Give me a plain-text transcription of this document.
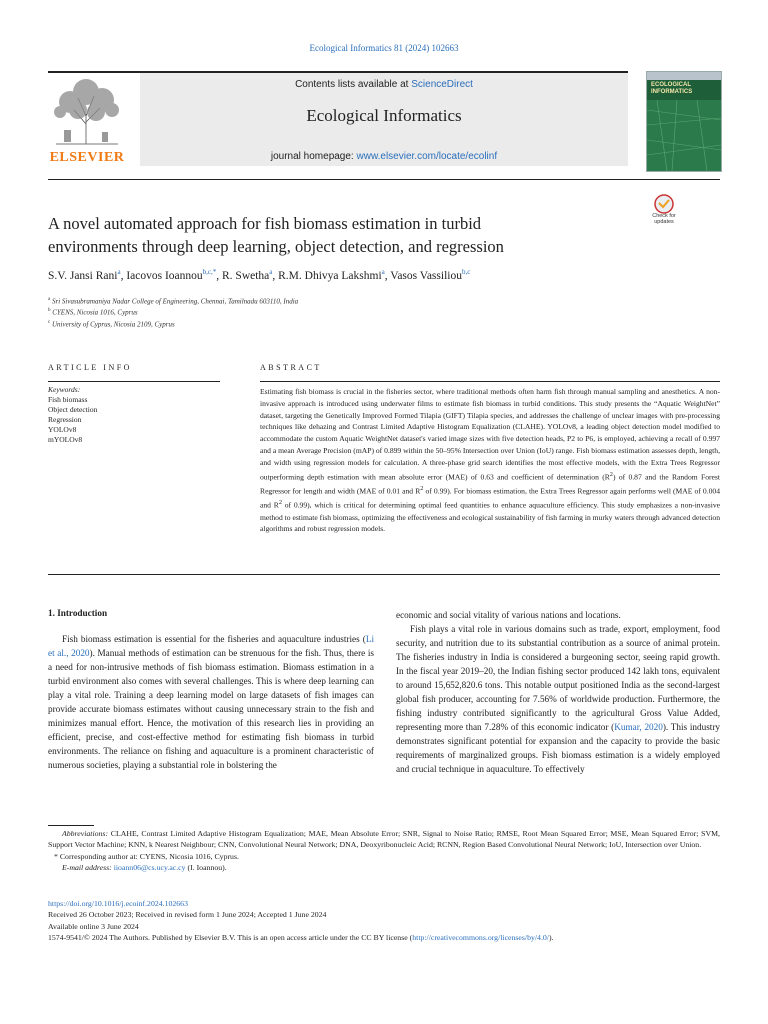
Ecological Informatics 81 (2024) 102663
ELSEVIER
Contents lists available at ScienceDirect
Ecological Informatics
journal homepage: www.elsevier.com/locate/ecolinf
ECOLOGICAL INFORMATICS
Check for updates
A novel automated approach for fish biomass estimation in turbid
environments through deep learning, object detection, and regression
S.V. Jansi Rani$^a$, Iacovos Ioannou$^{b,c,*}$, R. Swetha$^a$, R.M. Dhivya Lakshmi$^a$, Vasos Vassiliou$^{b,c}$
$^a$ Sri Sivasubramaniya Nadar College of Engineering, Chennai, Tamilnadu 603110, India
$^b$ CYENS, Nicosia 1016, Cyprus
$^c$ University of Cyprus, Nicosia 2109, Cyprus
ARTICLE INFO	ABSTRACT
Keywords:
Fish biomass
Object detection
Regression
YOLOv8
mYOLOv8
Estimating fish biomass is crucial in the fisheries sector, where traditional methods often harm fish through manual sampling and anesthetics. A non-invasive approach is introduced using underwater films to estimate fish biomass in turbid conditions. This study presents the “Aquatic WeightNet” dataset, targeting the Genetically Improved Formed Tilapia (GIFT) Tilapia species, and addresses the challenge of unclear images with pre-processing techniques like dehazing and Contrast Limited Adaptive Histogram Equalization (CLAHE). YOLOv8, a leading object detection model modified to accommodate the custom Aquatic WeightNet dataset's varied image sizes with five detection heads, P2 to P6, is employed, achieving a recall of 0.997 and a mean Average Precision (mAP) of 0.899 within the 50–95% Intersection over Union (IoU) range. Fish biomass estimation assesses depth, length, and width using regression models for calculation. A three-phase grid search identifies the most effective models, with the Extra Trees Regressor outperforming depth estimation with mean absolute error (MAE) of 0.63 and coefficient of determination $(R^2)$ of 0.87 and the Random Forest Regressor for length and width (MAE of 0.01 and $R^2$ of 0.99). For biomass estimation, the Extra Trees Regressor again performs well (MAE of 0.004 and $R^2$ of 0.99), which is critical for determining optimal feed quantities to enhance aquaculture efficiency. This study emphasizes a non-invasive method to estimate fish biomass, optimizing the effectiveness and ecological sustainability of fish farming in murky waters through advanced detection algorithms and robust regression models.
1. Introduction

Fish biomass estimation is essential for the fisheries and aquaculture industries (Li et al., 2020). Manual methods of estimation can be strenuous for the fish. Thus, there is a need for non-intrusive methods of fish biomass estimation. Biomass estimation in a turbid environment also comes with several challenges. This is where deep learning can play a vital role. Training a deep learning model on large datasets of fish images can provide accurate biomass estimates without causing unnecessary strain to the fish and minimizes manual effort. Hence, the motivation of this research lies in providing an efficient, precise, and cost-effective method for estimating fish biomass in turbid environments. The reliance on fishing and aquaculture is a prominent characteristic of numerous societies, playing a substantial role in bolstering the

economic and social vitality of various nations and locations.

Fish plays a vital role in various domains such as trade, export, employment, food security, and nutrition due to its substantial contribution as a source of animal protein. The fisheries industry in India is considered a burgeoning sector, seeing rapid growth. In the fiscal year 2019–20, the Indian fishing sector produced 142 lakh tons, equivalent to around 15,652,820.6 tons. This notable output positioned India as the second-largest global fish producer, accounting for 7.56% of worldwide production. Furthermore, the fishing industry contributed significantly to the agricultural Gross Value Added, representing more than 7.28% of this economic indicator (Kumar, 2020). This industry demonstrates significant potential for expansion and the capacity to provide the basic requirements of marginalized groups. Fish biomass estimation is a widely employed and crucial technique in aquaculture. To effectively

Abbreviations: CLAHE, Contrast Limited Adaptive Histogram Equalization; MAE, Mean Absolute Error; SNR, Signal to Noise Ratio; RMSE, Root Mean Squared Error; MSE, Mean Squared Error; SVM, Support Vector Machine; KNN, k Nearest Neighbour; CNN, Convolutional Neural Network; DNA, Deoxyribonucleic Acid; RCNN, Region Based Convolutional Neural Network; IoU, Intersection over Union.
* Corresponding author at: CYENS, Nicosia 1016, Cyprus.
E-mail address: iioann06@cs.ucy.ac.cy (I. Ioannou).
https://doi.org/10.1016/j.ecoinf.2024.102663
Received 26 October 2023; Received in revised form 1 June 2024; Accepted 1 June 2024
Available online 3 June 2024
1574-9541/© 2024 The Authors. Published by Elsevier B.V. This is an open access article under the CC BY license (http://creativecommons.org/licenses/by/4.0/).
